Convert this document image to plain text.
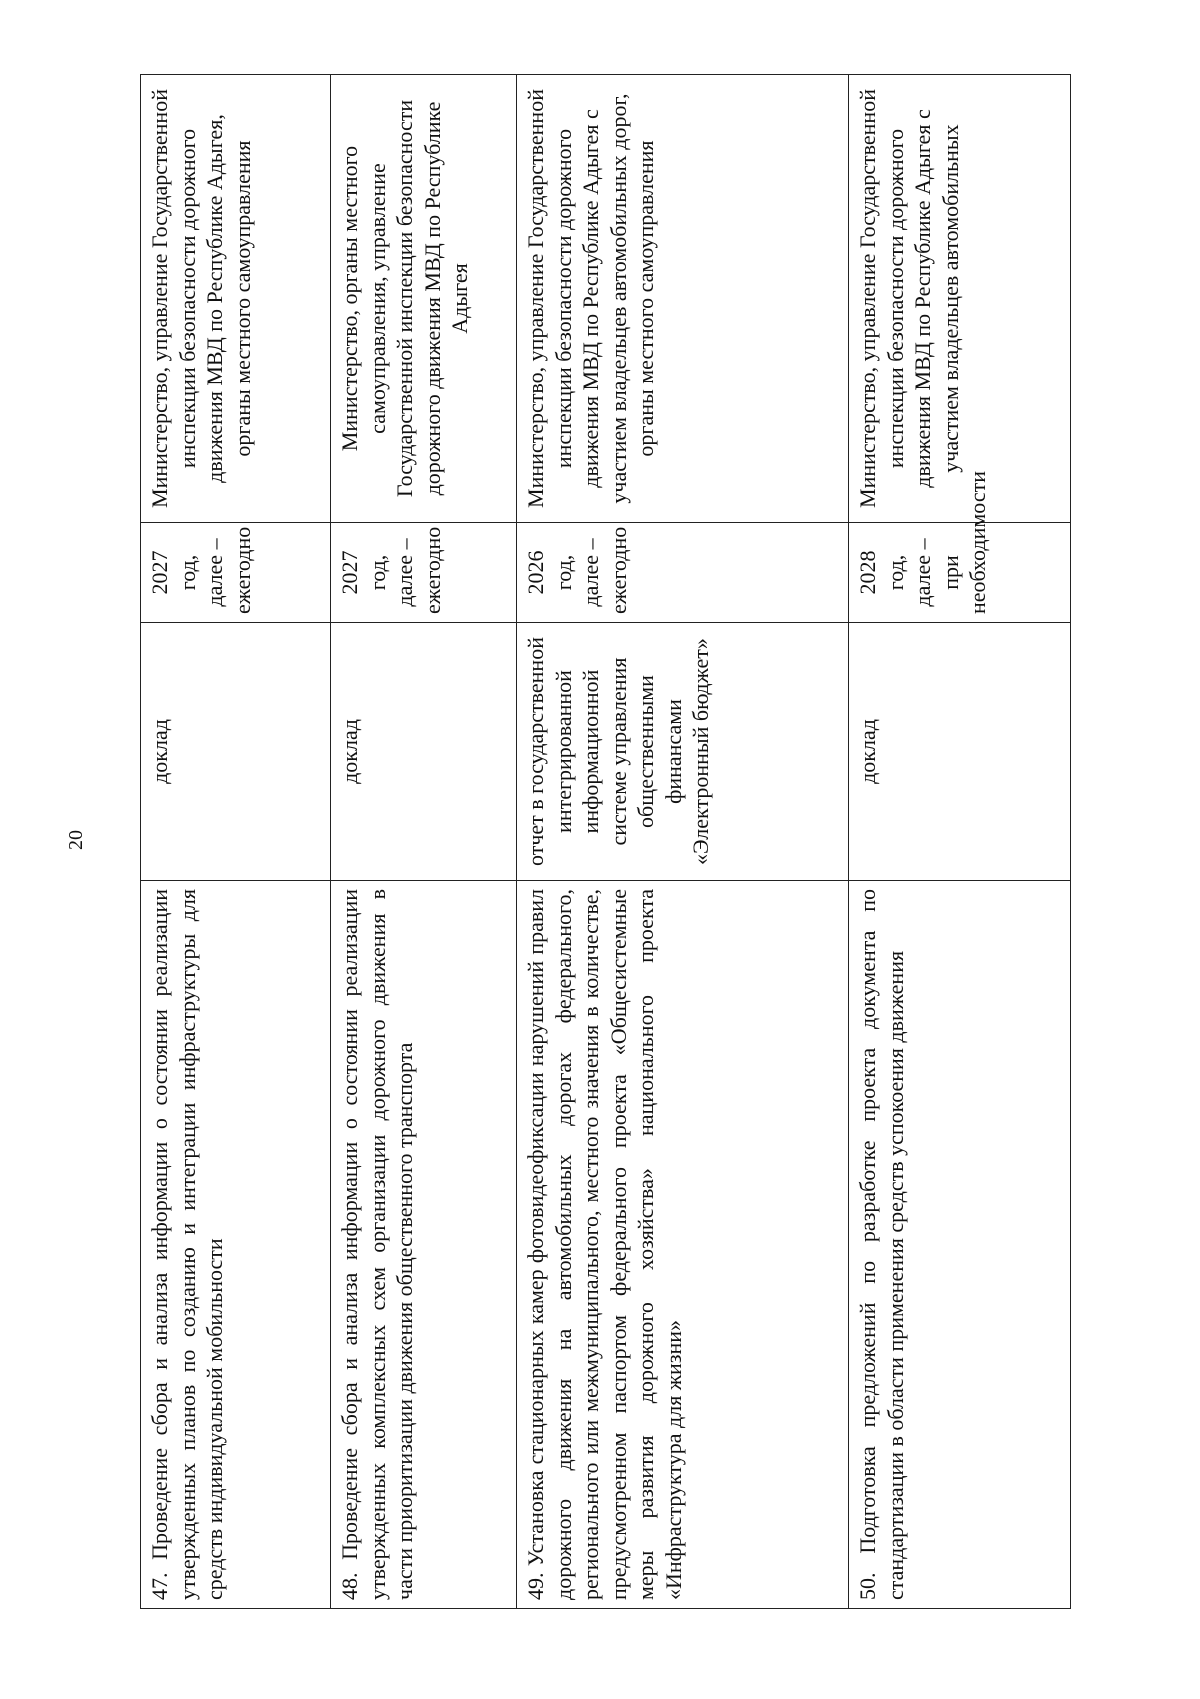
20
47. Проведение сбора и анализа информации о состоянии реализации утвержденных планов по созданию и интеграции инфраструктуры для средств индивидуальной мобильности	доклад	2027 год, далее – ежегодно	Министерство, управление Государственной инспекции безопасности дорожного движения МВД по Республике Адыгея, органы местного самоуправления
48. Проведение сбора и анализа информации о состоянии реализации утвержденных комплексных схем организации дорожного движения в части приоритизации движения общественного транспорта	доклад	2027 год, далее – ежегодно	Министерство, органы местного самоуправления, управление Государственной инспекции безопасности дорожного движения МВД по Республике Адыгея
49. Установка стационарных камер фотовидеофиксации нарушений правил дорожного движения на автомобильных дорогах федерального, регионального или межмуниципального, местного значения в количестве, предусмотренном паспортом федерального проекта «Общесистемные меры развития дорожного хозяйства» национального проекта «Инфраструктура для жизни»	отчет в государственной интегрированной информационной системе управления общественными финансами «Электронный бюджет»	2026 год, далее – ежегодно	Министерство, управление Государственной инспекции безопасности дорожного движения МВД по Республике Адыгея с участием владельцев автомобильных дорог, органы местного самоуправления
50. Подготовка предложений по разработке проекта документа по стандартизации в области применения средств успокоения движения	доклад	2028 год, далее – при необходимости	Министерство, управление Государственной инспекции безопасности дорожного движения МВД по Республике Адыгея с участием владельцев автомобильных
